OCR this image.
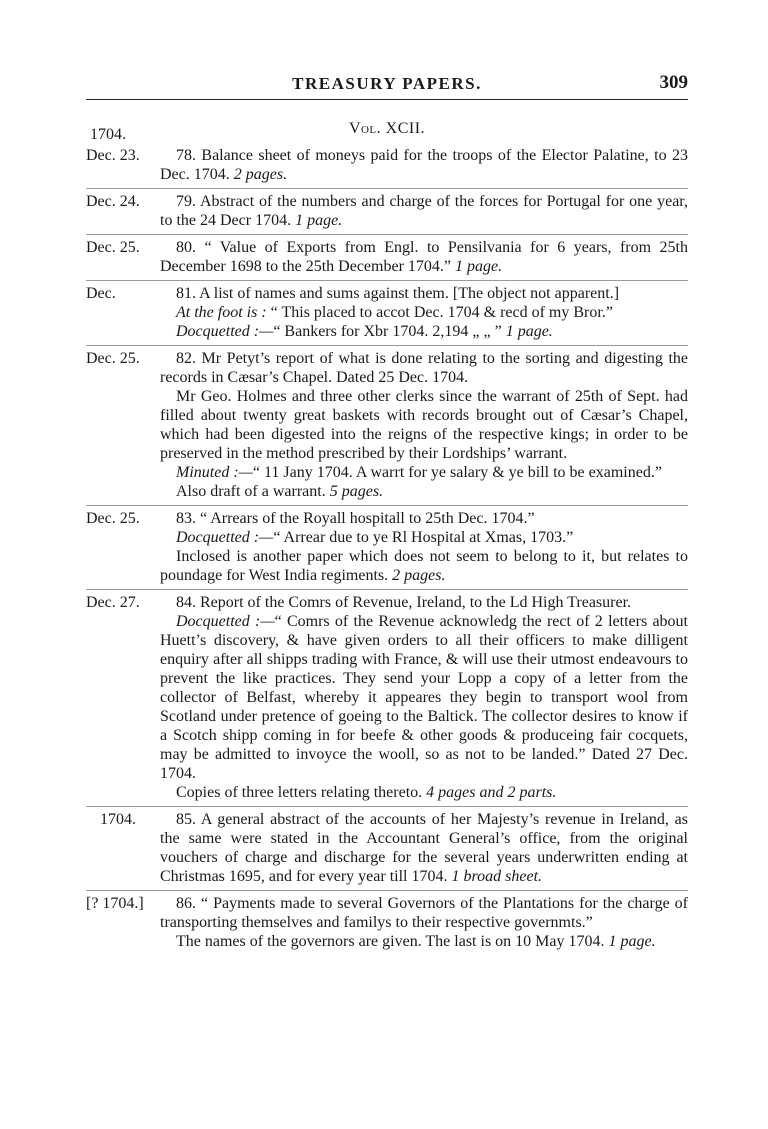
TREASURY PAPERS.	309
1704.	Vol. XCII.
Dec. 23.	78. Balance sheet of moneys paid for the troops of the Elector Palatine, to 23 Dec. 1704. 2 pages.

Dec. 24.	79. Abstract of the numbers and charge of the forces for Portugal for one year, to the 24 Decr 1704. 1 page.

Dec. 25.	80. “ Value of Exports from Engl. to Pensilvania for 6 years, from 25th December 1698 to the 25th December 1704.” 1 page.

Dec.	81. A list of names and sums against them. [The object not apparent.]

At the foot is : “ This placed to accot Dec. 1704 & recd of my Bror.”

Docquetted :—“ Bankers for Xbr 1704. 2,194 „ „ ” 1 page.

Dec. 25.	82. Mr Petyt’s report of what is done relating to the sorting and digesting the records in Cæsar’s Chapel. Dated 25 Dec. 1704.

Mr Geo. Holmes and three other clerks since the warrant of 25th of Sept. had filled about twenty great baskets with records brought out of Cæsar’s Chapel, which had been digested into the reigns of the respective kings; in order to be preserved in the method prescribed by their Lordships’ warrant.

Minuted :—“ 11 Jany 1704. A warrt for ye salary & ye bill to be examined.”

Also draft of a warrant. 5 pages.

Dec. 25.	83. “ Arrears of the Royall hospitall to 25th Dec. 1704.”

Docquetted :—“ Arrear due to ye Rl Hospital at Xmas, 1703.”

Inclosed is another paper which does not seem to belong to it, but relates to poundage for West India regiments. 2 pages.

Dec. 27.	84. Report of the Comrs of Revenue, Ireland, to the Ld High Treasurer.

Docquetted :—“ Comrs of the Revenue acknowledg the rect of 2 letters about Huett’s discovery, & have given orders to all their officers to make dilligent enquiry after all shipps trading with France, & will use their utmost endeavours to prevent the like practices. They send your Lopp a copy of a letter from the collector of Belfast, whereby it appeares they begin to transport wool from Scotland under pretence of goeing to the Baltick. The collector desires to know if a Scotch shipp coming in for beefe & other goods & produceing fair cocquets, may be admitted to invoyce the wooll, so as not to be landed.” Dated 27 Dec. 1704.

Copies of three letters relating thereto. 4 pages and 2 parts.

1704.	85. A general abstract of the accounts of her Majesty’s revenue in Ireland, as the same were stated in the Accountant General’s office, from the original vouchers of charge and discharge for the several years underwritten ending at Christmas 1695, and for every year till 1704. 1 broad sheet.

[? 1704.]	86. “ Payments made to several Governors of the Plantations for the charge of transporting themselves and familys to their respective governmts.”

The names of the governors are given. The last is on 10 May 1704. 1 page.
